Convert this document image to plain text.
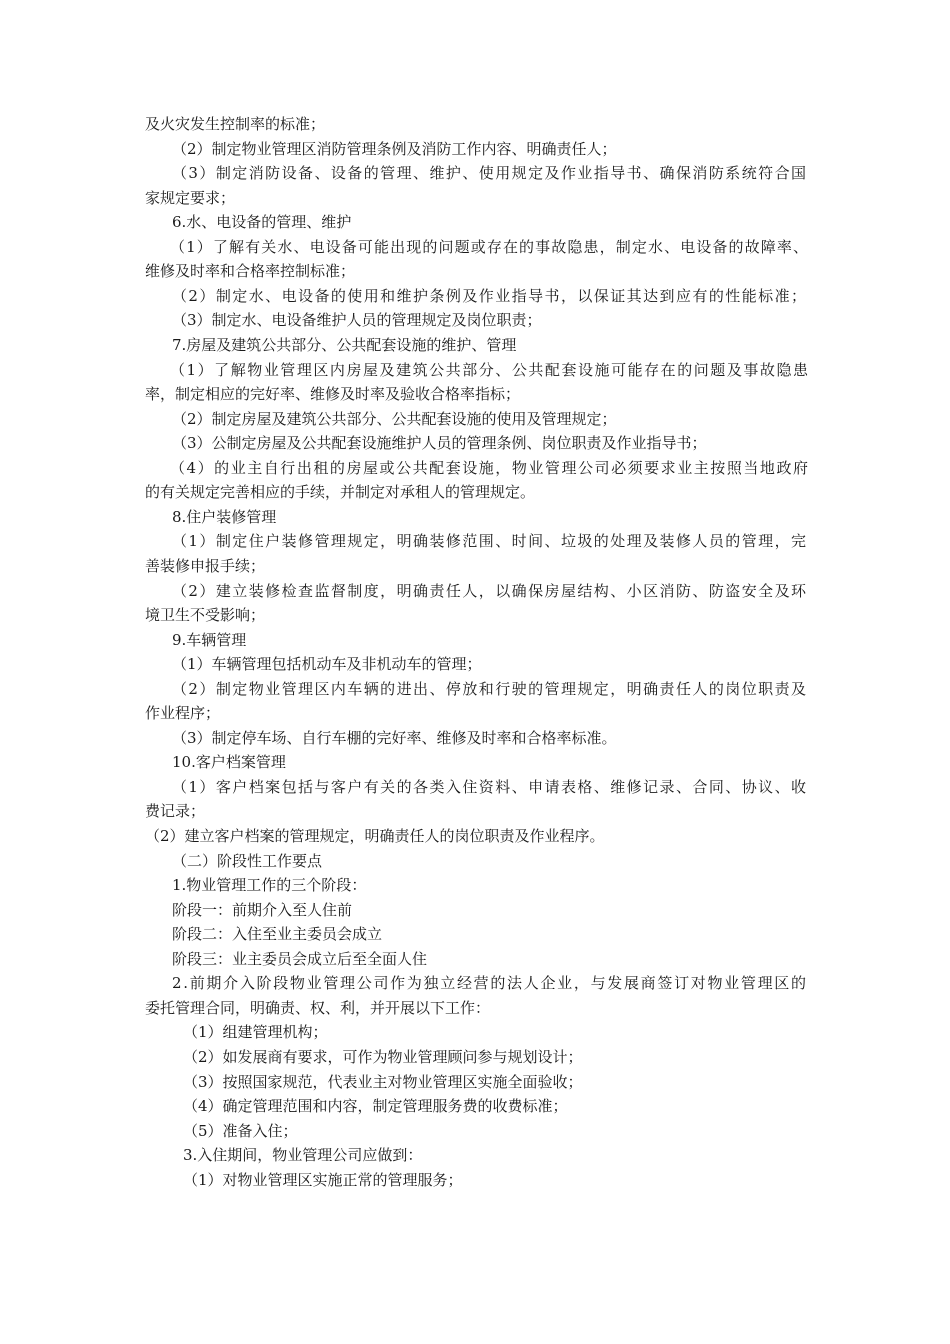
及火灾发生控制率的标准；
（2）制定物业管理区消防管理条例及消防工作内容、明确责任人；
（3）制定消防设备、设备的管理、维护、使用规定及作业指导书、确保消防系统符合国
家规定要求；
6.水、电设备的管理、维护
（1）了解有关水、电设备可能出现的问题或存在的事故隐患，制定水、电设备的故障率、
维修及时率和合格率控制标准；
（2）制定水、电设备的使用和维护条例及作业指导书，以保证其达到应有的性能标准；
（3）制定水、电设备维护人员的管理规定及岗位职责；
7.房屋及建筑公共部分、公共配套设施的维护、管理
（1）了解物业管理区内房屋及建筑公共部分、公共配套设施可能存在的问题及事故隐患
率，制定相应的完好率、维修及时率及验收合格率指标；
（2）制定房屋及建筑公共部分、公共配套设施的使用及管理规定；
（3）公制定房屋及公共配套设施维护人员的管理条例、岗位职责及作业指导书；
（4）的业主自行出租的房屋或公共配套设施，物业管理公司必须要求业主按照当地政府
的有关规定完善相应的手续，并制定对承租人的管理规定。
8.住户装修管理
（1）制定住户装修管理规定，明确装修范围、时间、垃圾的处理及装修人员的管理，完
善装修申报手续；
（2）建立装修检查监督制度，明确责任人，以确保房屋结构、小区消防、防盗安全及环
境卫生不受影响；
9.车辆管理
（1）车辆管理包括机动车及非机动车的管理；
（2）制定物业管理区内车辆的进出、停放和行驶的管理规定，明确责任人的岗位职责及
作业程序；
（3）制定停车场、自行车棚的完好率、维修及时率和合格率标准。
10.客户档案管理
（1）客户档案包括与客户有关的各类入住资料、申请表格、维修记录、合同、协议、收
费记录；
（2）建立客户档案的管理规定，明确责任人的岗位职责及作业程序。
（二）阶段性工作要点
1.物业管理工作的三个阶段：
阶段一：前期介入至人住前
阶段二：入住至业主委员会成立
阶段三：业主委员会成立后至全面人住
2.前期介入阶段物业管理公司作为独立经营的法人企业，与发展商签订对物业管理区的
委托管理合同，明确责、权、利，并开展以下工作：
（1）组建管理机构；
（2）如发展商有要求，可作为物业管理顾问参与规划设计；
（3）按照国家规范，代表业主对物业管理区实施全面验收；
（4）确定管理范围和内容，制定管理服务费的收费标准；
（5）准备入住；
3.入住期间，物业管理公司应做到：
（1）对物业管理区实施正常的管理服务；
